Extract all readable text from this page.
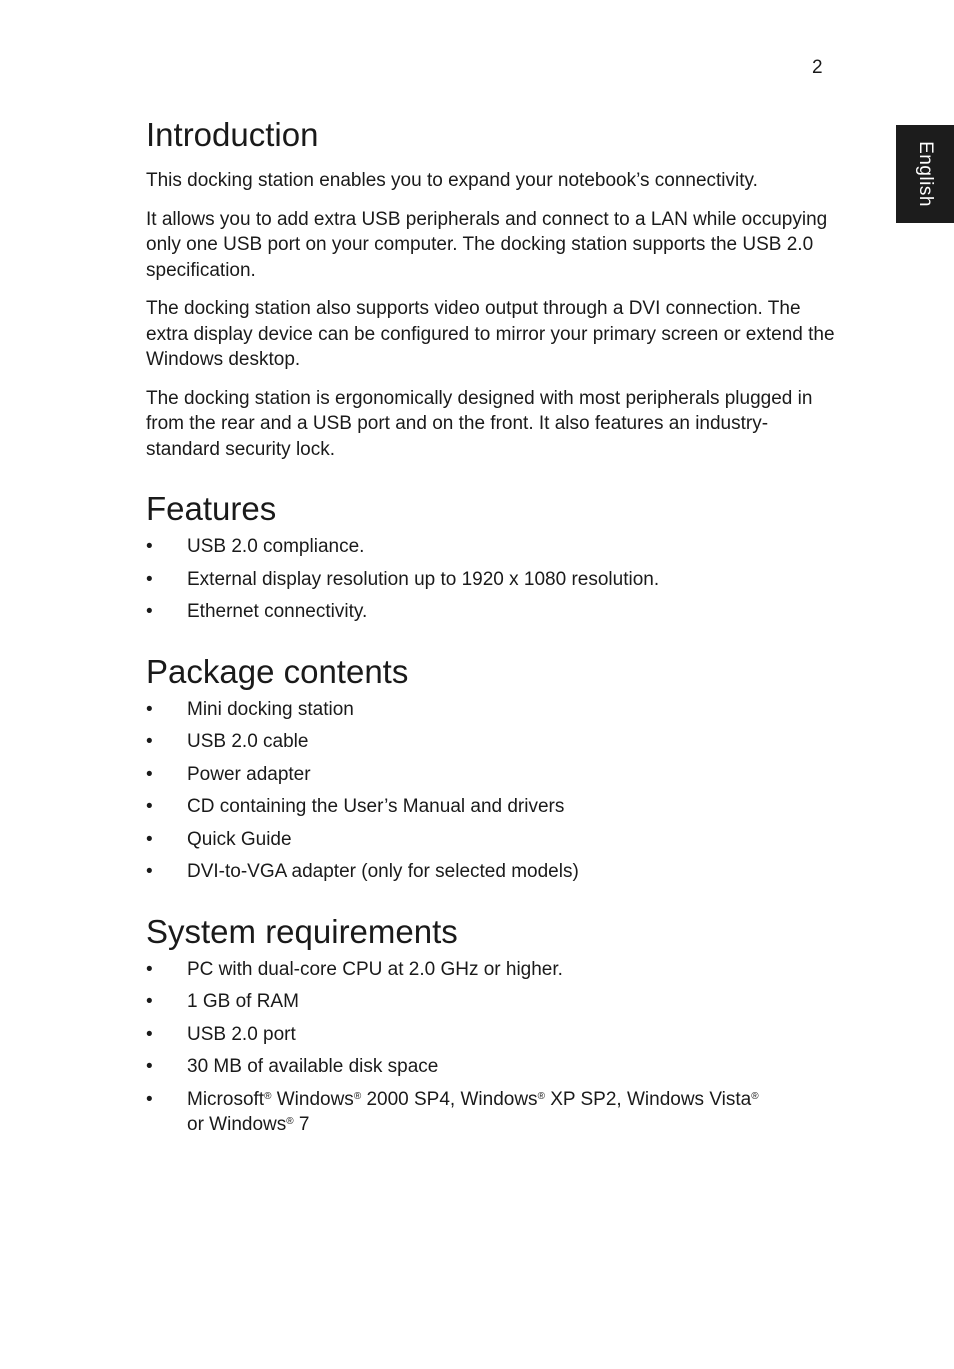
2
English
Introduction

This docking station enables you to expand your notebook’s connectivity.

It allows you to add extra USB peripherals and connect to a LAN while occupying only one USB port on your computer. The docking station supports the USB 2.0 specification.

The docking station also supports video output through a DVI connection. The extra display device can be configured to mirror your primary screen or extend the Windows desktop.

The docking station is ergonomically designed with most peripherals plugged in from the rear and a USB port and on the front. It also features an industry-standard security lock.

Features
• USB 2.0 compliance.
• External display resolution up to 1920 x 1080 resolution.
• Ethernet connectivity.
Package contents
• Mini docking station
• USB 2.0 cable
• Power adapter
• CD containing the User’s Manual and drivers
• Quick Guide
• DVI-to-VGA adapter (only for selected models)
System requirements
• PC with dual-core CPU at 2.0 GHz or higher.
• 1 GB of RAM
• USB 2.0 port
• 30 MB of available disk space
• Microsoft® Windows® 2000 SP4, Windows® XP SP2, Windows Vista®
or Windows® 7
